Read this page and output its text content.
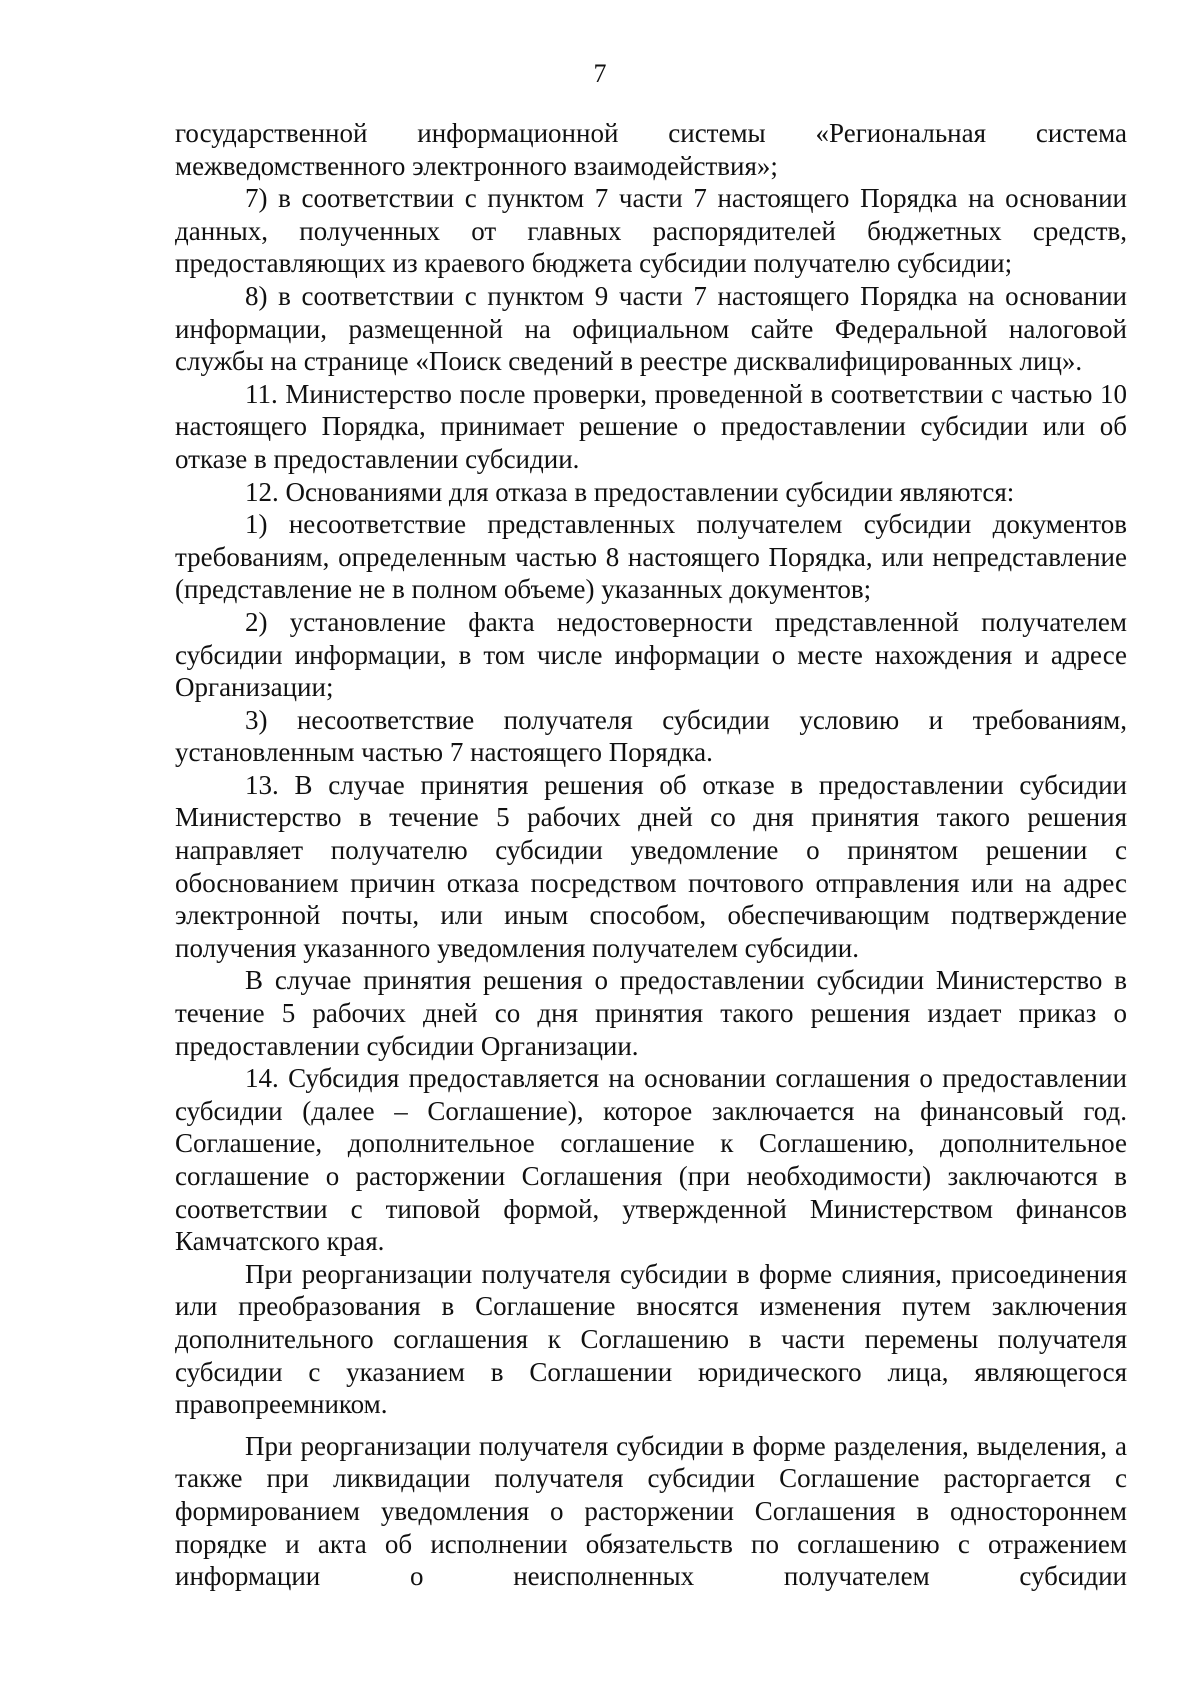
7

государственной информационной системы «Региональная система межведомственного электронного взаимодействия»;

7) в соответствии с пунктом 7 части 7 настоящего Порядка на основании данных, полученных от главных распорядителей бюджетных средств, предоставляющих из краевого бюджета субсидии получателю субсидии;

8) в соответствии с пунктом 9 части 7 настоящего Порядка на основании информации, размещенной на официальном сайте Федеральной налоговой службы на странице «Поиск сведений в реестре дисквалифицированных лиц».

11. Министерство после проверки, проведенной в соответствии с частью 10 настоящего Порядка, принимает решение о предоставлении субсидии или об отказе в предоставлении субсидии.

12. Основаниями для отказа в предоставлении субсидии являются:

1) несоответствие представленных получателем субсидии документов требованиям, определенным частью 8 настоящего Порядка, или непредставление (представление не в полном объеме) указанных документов;

2) установление факта недостоверности представленной получателем субсидии информации, в том числе информации о месте нахождения и адресе Организации;

3) несоответствие получателя субсидии условию и требованиям, установленным частью 7 настоящего Порядка.

13. В случае принятия решения об отказе в предоставлении субсидии Министерство в течение 5 рабочих дней со дня принятия такого решения направляет получателю субсидии уведомление о принятом решении с обоснованием причин отказа посредством почтового отправления или на адрес электронной почты, или иным способом, обеспечивающим подтверждение получения указанного уведомления получателем субсидии.

В случае принятия решения о предоставлении субсидии Министерство в течение 5 рабочих дней со дня принятия такого решения издает приказ о предоставлении субсидии Организации.

14. Субсидия предоставляется на основании соглашения о предоставлении субсидии (далее – Соглашение), которое заключается на финансовый год. Соглашение, дополнительное соглашение к Соглашению, дополнительное соглашение о расторжении Соглашения (при необходимости) заключаются в соответствии с типовой формой, утвержденной Министерством финансов Камчатского края.

При реорганизации получателя субсидии в форме слияния, присоединения или преобразования в Соглашение вносятся изменения путем заключения дополнительного соглашения к Соглашению в части перемены получателя субсидии с указанием в Соглашении юридического лица, являющегося правопреемником.

При реорганизации получателя субсидии в форме разделения, выделения, а также при ликвидации получателя субсидии Соглашение расторгается с формированием уведомления о расторжении Соглашения в одностороннем порядке и акта об исполнении обязательств по соглашению с отражением информации о неисполненных получателем субсидии
